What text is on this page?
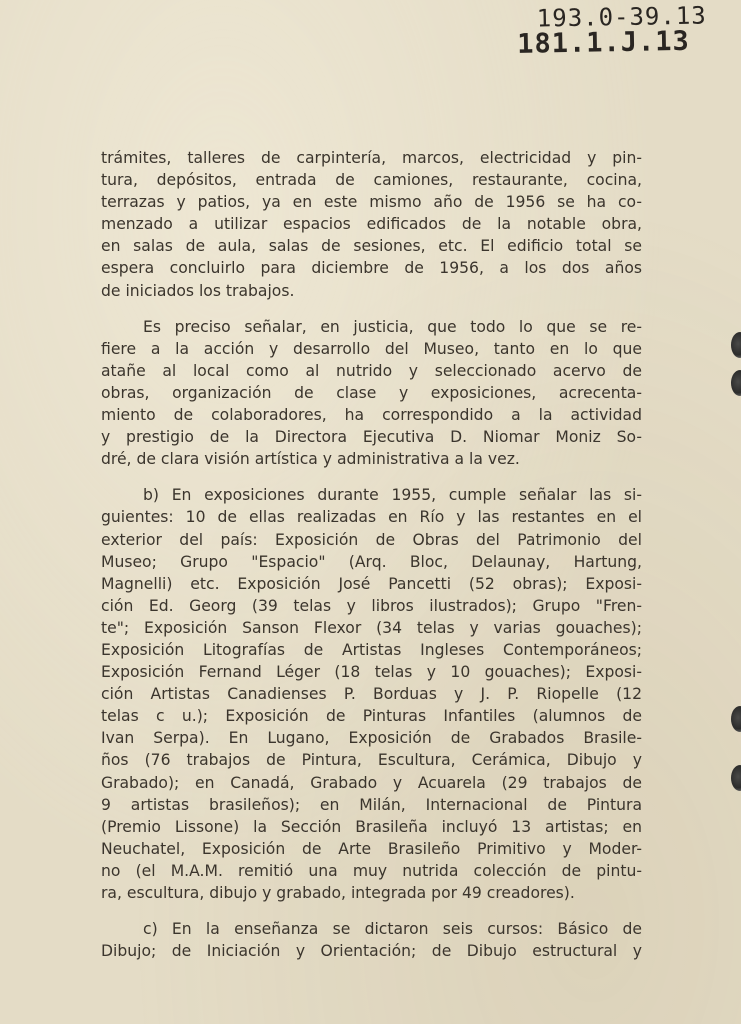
193.0-39.13
181.1.J.13

trámites, talleres de carpintería, marcos, electricidad y pin-
tura, depósitos, entrada de camiones, restaurante, cocina,
terrazas y patios, ya en este mismo año de 1956 se ha co-
menzado a utilizar espacios edificados de la notable obra,
en salas de aula, salas de sesiones, etc. El edificio total se
espera concluirlo para diciembre de 1956, a los dos años
de iniciados los trabajos.

Es preciso señalar, en justicia, que todo lo que se re-
fiere a la acción y desarrollo del Museo, tanto en lo que
atañe al local como al nutrido y seleccionado acervo de
obras, organización de clase y exposiciones, acrecenta-
miento de colaboradores, ha correspondido a la actividad
y prestigio de la Directora Ejecutiva D. Niomar Moniz So-
dré, de clara visión artística y administrativa a la vez.

b) En exposiciones durante 1955, cumple señalar las si-
guientes: 10 de ellas realizadas en Río y las restantes en el
exterior del país: Exposición de Obras del Patrimonio del
Museo; Grupo "Espacio" (Arq. Bloc, Delaunay, Hartung,
Magnelli) etc. Exposición José Pancetti (52 obras); Exposi-
ción Ed. Georg (39 telas y libros ilustrados); Grupo "Fren-
te"; Exposición Sanson Flexor (34 telas y varias gouaches);
Exposición Litografías de Artistas Ingleses Contemporáneos;
Exposición Fernand Léger (18 telas y 10 gouaches); Exposi-
ción Artistas Canadienses P. Borduas y J. P. Riopelle (12
telas c u.); Exposición de Pinturas Infantiles (alumnos de
Ivan Serpa). En Lugano, Exposición de Grabados Brasile-
ños (76 trabajos de Pintura, Escultura, Cerámica, Dibujo y
Grabado); en Canadá, Grabado y Acuarela (29 trabajos de
9 artistas brasileños); en Milán, Internacional de Pintura
(Premio Lissone) la Sección Brasileña incluyó 13 artistas; en
Neuchatel, Exposición de Arte Brasileño Primitivo y Moder-
no (el M.A.M. remitió una muy nutrida colección de pintu-
ra, escultura, dibujo y grabado, integrada por 49 creadores).

c) En la enseñanza se dictaron seis cursos: Básico de
Dibujo; de Iniciación y Orientación; de Dibujo estructural y
